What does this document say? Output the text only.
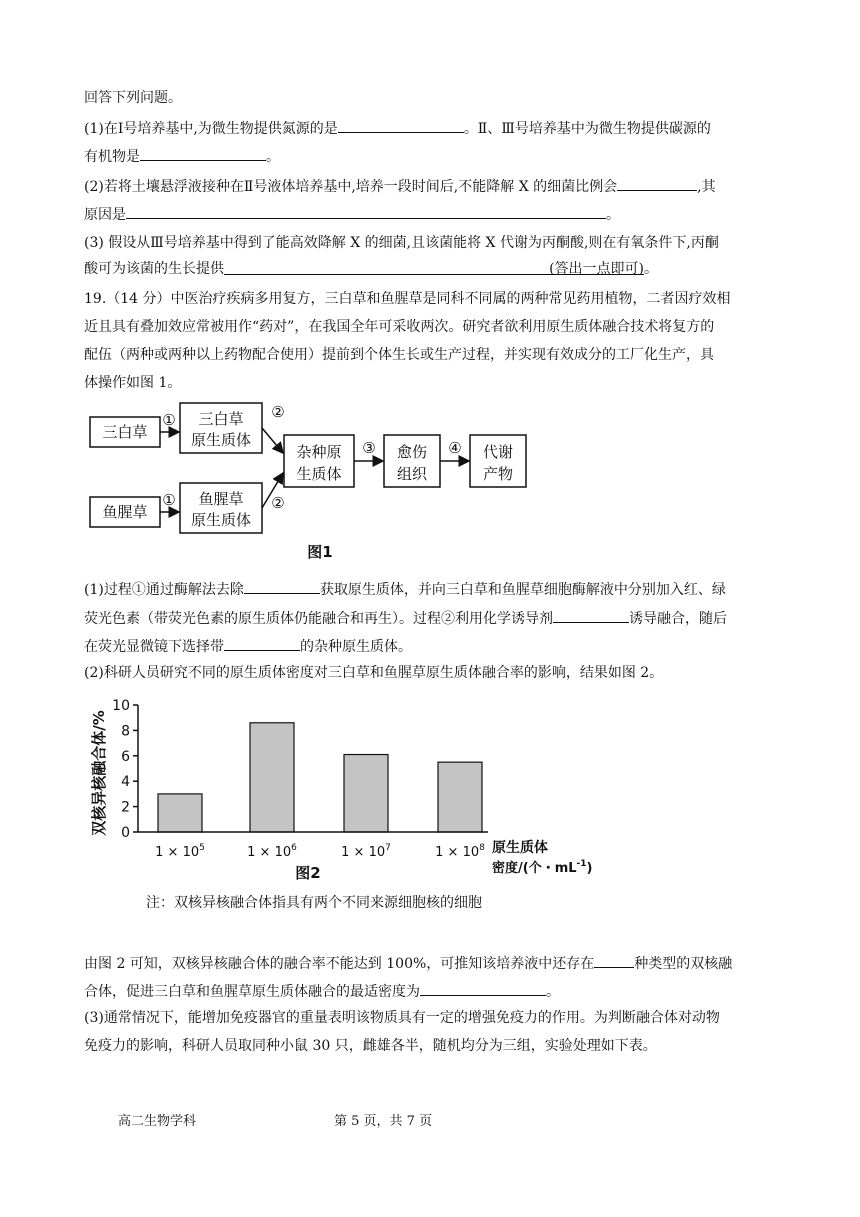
回答下列问题。
(1)在Ⅰ号培养基中,为微生物提供氮源的是	。Ⅱ、Ⅲ号培养基中为微生物提供碳源的
有机物是	。
(2)若将土壤悬浮液接种在Ⅱ号液体培养基中,培养一段时间后,不能降解 X 的细菌比例会	,其
原因是	。
(3) 假设从Ⅲ号培养基中得到了能高效降解 X 的细菌,且该菌能将 X 代谢为丙酮酸,则在有氧条件下,丙酮
酸可为该菌的生长提供	(答出一点即可)。
19.（14 分）中医治疗疾病多用复方，三白草和鱼腥草是同科不同属的两种常见药用植物，二者因疗效相
近且具有叠加效应常被用作“药对”，在我国全年可采收两次。研究者欲利用原生质体融合技术将复方的
配伍（两种或两种以上药物配合使用）提前到个体生长或生产过程，并实现有效成分的工厂化生产，具
体操作如图 1。
三白草
鱼腥草
三白草
原生质体
鱼腥草
原生质体
杂种原
生质体
愈伤
组织
代谢
产物
①
①
②
②
③	④
图1
(1)过程①通过酶解法去除	获取原生质体，并向三白草和鱼腥草细胞酶解液中分别加入红、绿
荧光色素（带荧光色素的原生质体仍能融合和再生）。过程②利用化学诱导剂	诱导融合，随后
在荧光显微镜下选择带	的杂种原生质体。
(2)科研人员研究不同的原生质体密度对三白草和鱼腥草原生质体融合率的影响，结果如图 2。
双核异核融合体/% 0
2
4
6
8
10
$1 \times 10^5$	$1 \times 10^6$	$1 \times 10^7$	$1 \times 10^8$ 原生质体
密度/(个・$mL^{-1}$)
图2
注：双核异核融合体指具有两个不同来源细胞核的细胞
由图 2 可知，双核异核融合体的融合率不能达到 100%，可推知该培养液中还存在	种类型的双核融
合体，促进三白草和鱼腥草原生质体融合的最适密度为	。
(3)通常情况下，能增加免疫器官的重量表明该物质具有一定的增强免疫力的作用。为判断融合体对动物
免疫力的影响，科研人员取同种小鼠 30 只，雌雄各半，随机均分为三组，实验处理如下表。
高二生物学科	第 5 页，共 7 页
